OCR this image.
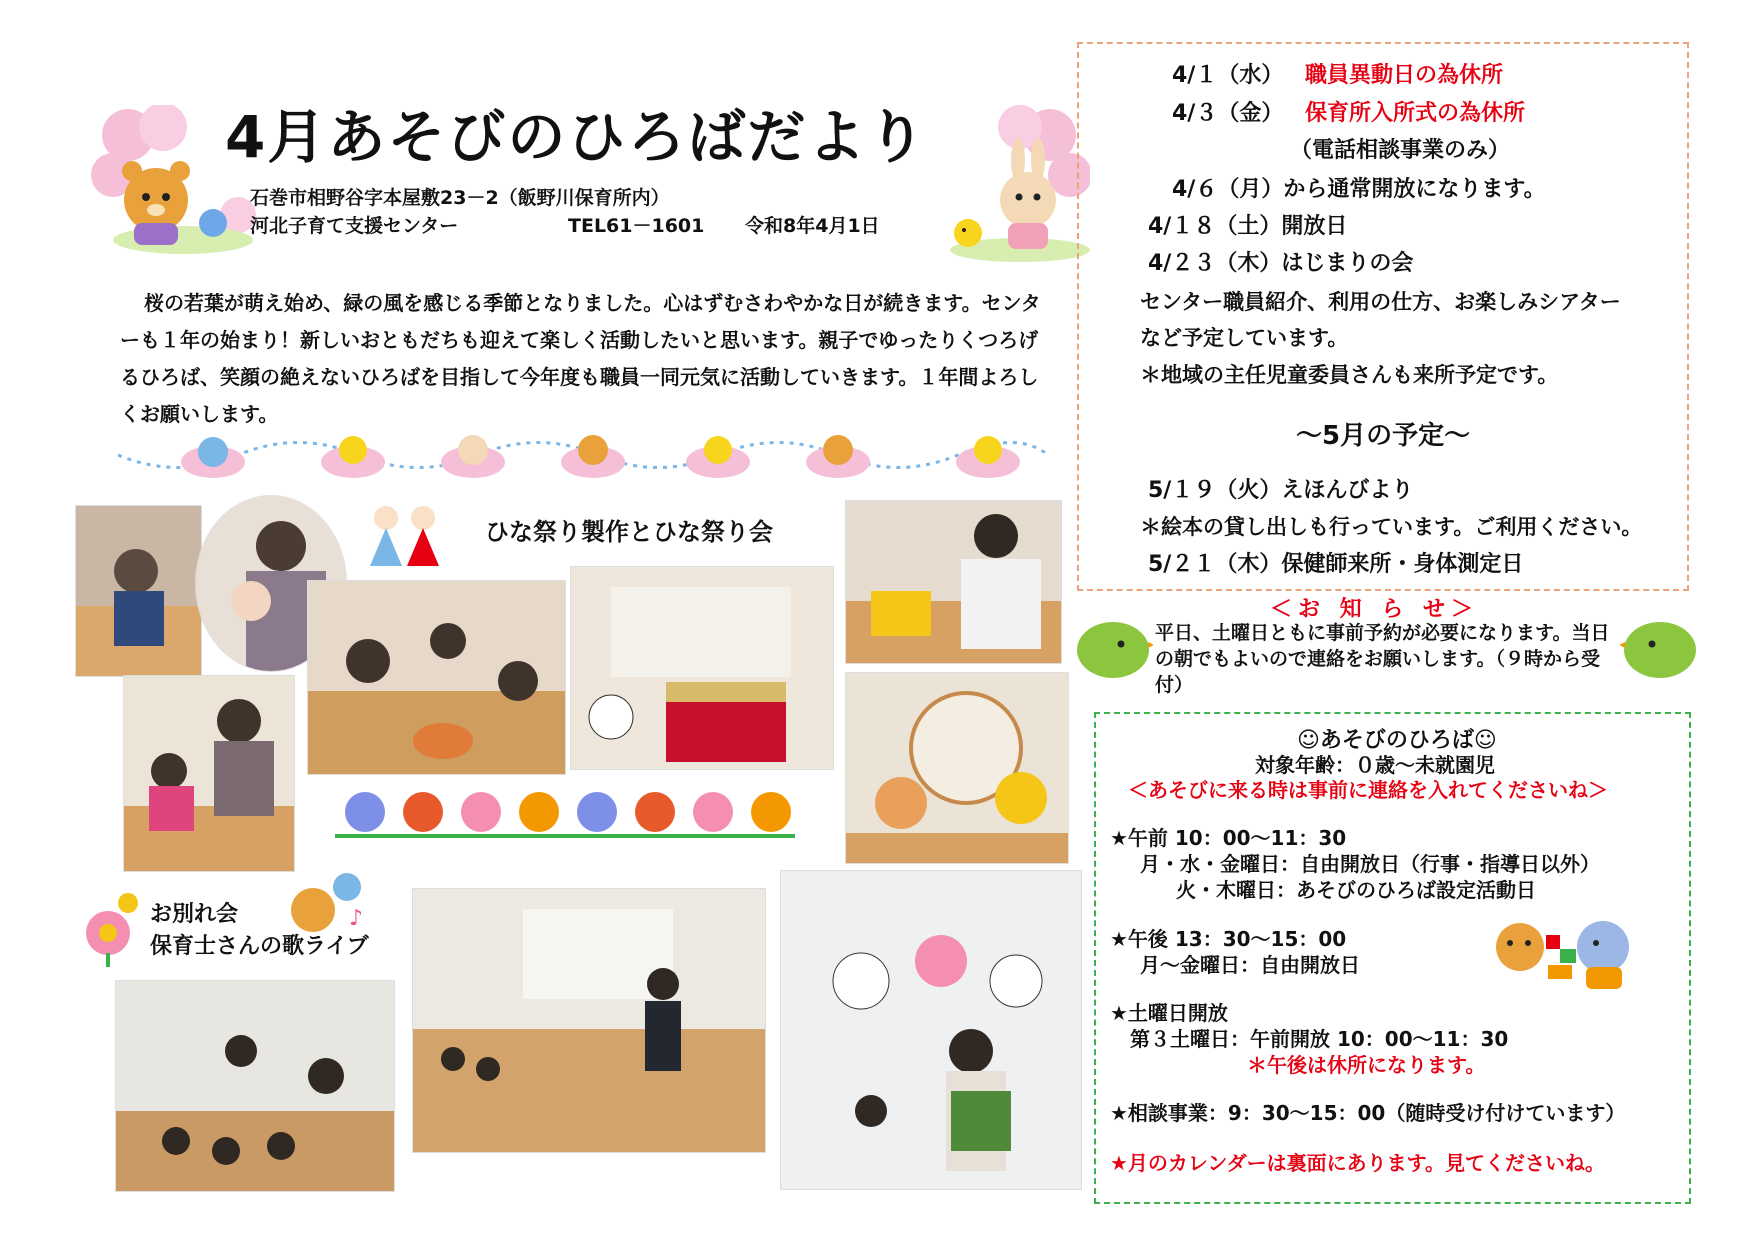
4月あそびのひろばだより
石巻市相野谷字本屋敷23－2（飯野川保育所内）
河北子育て支援センター	TEL61－1601 令和8年4月1日

桜の若葉が萌え始め、緑の風を感じる季節となりました。心はずむさわやかな日が続きます。センターも１年の始まり！新しいおともだちも迎えて楽しく活動したいと思います。親子でゆったりくつろげるひろば、笑顔の絶えないひろばを目指して今年度も職員一同元気に活動していきます。１年間よろしくお願いします。

4/１（水） 職員異動日の為休所
4/３（金） 保育所入所式の為休所
（電話相談事業のみ）
4/６（月）から通常開放になります。
4/１８（土）開放日
4/２３（木）はじまりの会
センター職員紹介、利用の仕方、お楽しみシアター
など予定しています。
＊地域の主任児童委員さんも来所予定です。
～5月の予定～
5/１９（火）えほんびより
＊絵本の貸し出しも行っています。ご利用ください。
5/２１（木）保健師来所・身体測定日
＜お 知 ら せ＞
平日、土曜日ともに事前予約が必要になります。当日の朝でもよいので連絡をお願いします。（９時から受付）
☺あそびのひろば☺
対象年齢：０歳～未就園児
＜あそびに来る時は事前に連絡を入れてくださいね＞
★午前 10：00～11：30
月・水・金曜日：自由開放日（行事・指導日以外）
火・木曜日：あそびのひろば設定活動日
★午後 13：30～15：00
月～金曜日：自由開放日
★土曜日開放
第３土曜日：午前開放 10：00～11：30
＊午後は休所になります。
★相談事業：9：30～15：00（随時受け付けています）
★月のカレンダーは裏面にあります。見てくださいね。
ひな祭り製作とひな祭り会
お別れ会
保育士さんの歌ライブ
♪
